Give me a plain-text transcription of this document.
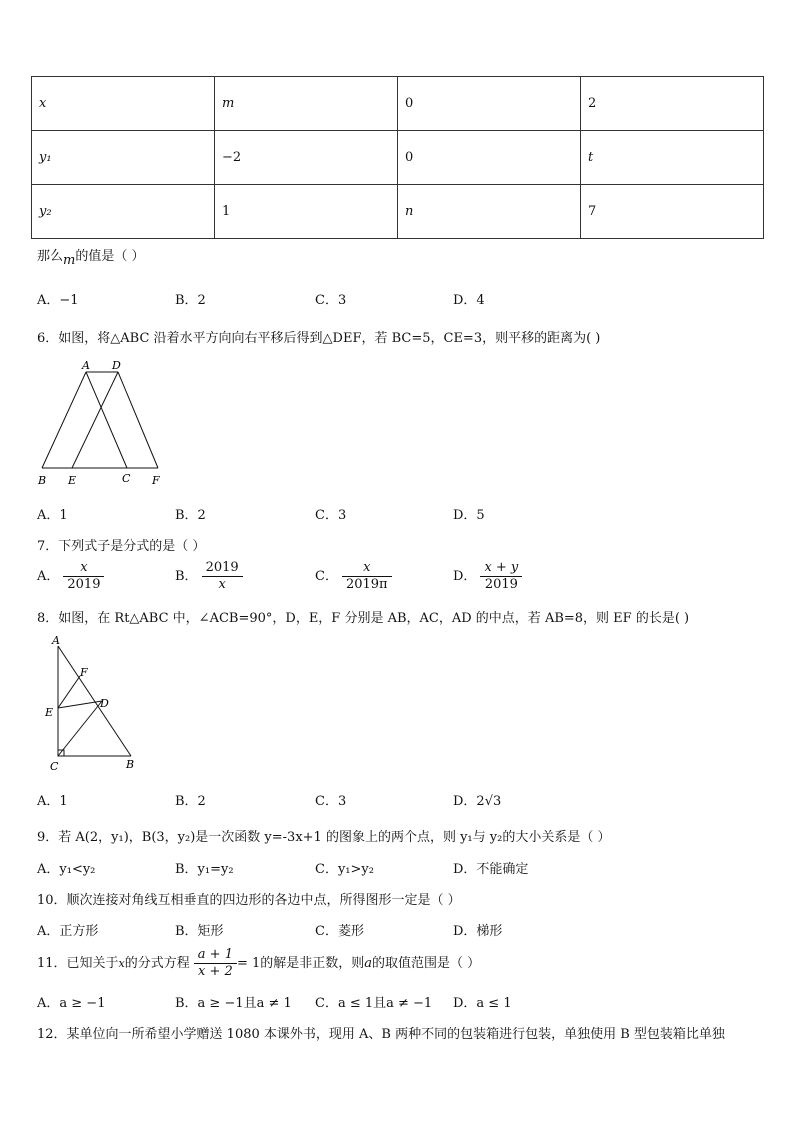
x	m	0	2
y₁	−2	0	t
y₂	1	n	7
那么m的值是（ ）
A．−1	B．2	C．3	D．4
6．如图，将△ABC 沿着水平方向向右平移后得到△DEF，若 BC=5，CE=3，则平移的距离为( )
A D
B E	C F
A．1	B．2	C．3	D．5
7．下列式子是分式的是（ ）
A． $\frac{x}{2019}$	B． $\frac{2019}{x}$	C． $\frac{x}{2019\pi}$	D． $\frac{x + y}{2019}$
8．如图，在 Rt△ABC 中，∠ACB=90°，D，E，F 分别是 AB，AC，AD 的中点，若 AB=8，则 EF 的长是( )
A
F
D
E
C	B
A．1	B．2	C．3	D．2√3
9．若 A(2，y₁)，B(3，y₂)是一次函数 y=-3x+1 的图象上的两个点，则 y₁与 y₂的大小关系是（ ）
A．y₁<y₂	B．y₁=y₂	C．y₁>y₂	D．不能确定
10．顺次连接对角线互相垂直的四边形的各边中点，所得图形一定是（ ）
A．正方形	B．矩形	C．菱形	D．梯形
11．已知关于x的分式方程 $\frac{a + 1}{x + 2} = 1$的解是非正数，则a的取值范围是（ ）
A．a ≥ −1	B．a ≥ −1且a ≠ 1 C．a ≤ 1且a ≠ −1 D．a ≤ 1
12．某单位向一所希望小学赠送 1080 本课外书，现用 A、B 两种不同的包装箱进行包装，单独使用 B 型包装箱比单独
